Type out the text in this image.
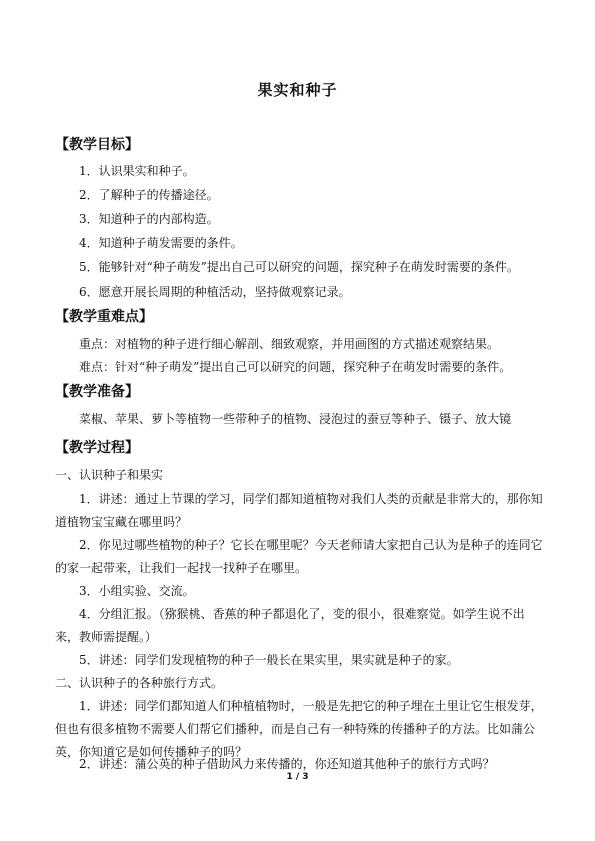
果实和种子
【教学目标】
1．认识果实和种子。
2．了解种子的传播途径。
3．知道种子的内部构造。
4．知道种子萌发需要的条件。
5．能够针对“种子萌发”提出自己可以研究的问题，探究种子在萌发时需要的条件。
6．愿意开展长周期的种植活动，坚持做观察记录。
【教学重难点】
重点：对植物的种子进行细心解剖、细致观察，并用画图的方式描述观察结果。
难点：针对“种子萌发”提出自己可以研究的问题，探究种子在萌发时需要的条件。
【教学准备】
菜椒、苹果、萝卜等植物一些带种子的植物、浸泡过的蚕豆等种子、镊子、放大镜
【教学过程】
一、认识种子和果实
1．讲述：通过上节课的学习，同学们都知道植物对我们人类的贡献是非常大的，那你知
道植物宝宝藏在哪里吗？
2．你见过哪些植物的种子？它长在哪里呢？今天老师请大家把自己认为是种子的连同它
的家一起带来，让我们一起找一找种子在哪里。
3．小组实验、交流。
4．分组汇报。（猕猴桃、香蕉的种子都退化了，变的很小，很难察觉。如学生说不出
来，教师需提醒。）
5．讲述：同学们发现植物的种子一般长在果实里，果实就是种子的家。
二、认识种子的各种旅行方式。
1．讲述：同学们都知道人们种植植物时，一般是先把它的种子埋在土里让它生根发芽，
但也有很多植物不需要人们帮它们播种，而是自己有一种特殊的传播种子的方法。比如蒲公
英，你知道它是如何传播种子的吗？
2．讲述：蒲公英的种子借助风力来传播的，你还知道其他种子的旅行方式吗？
1 / 3
